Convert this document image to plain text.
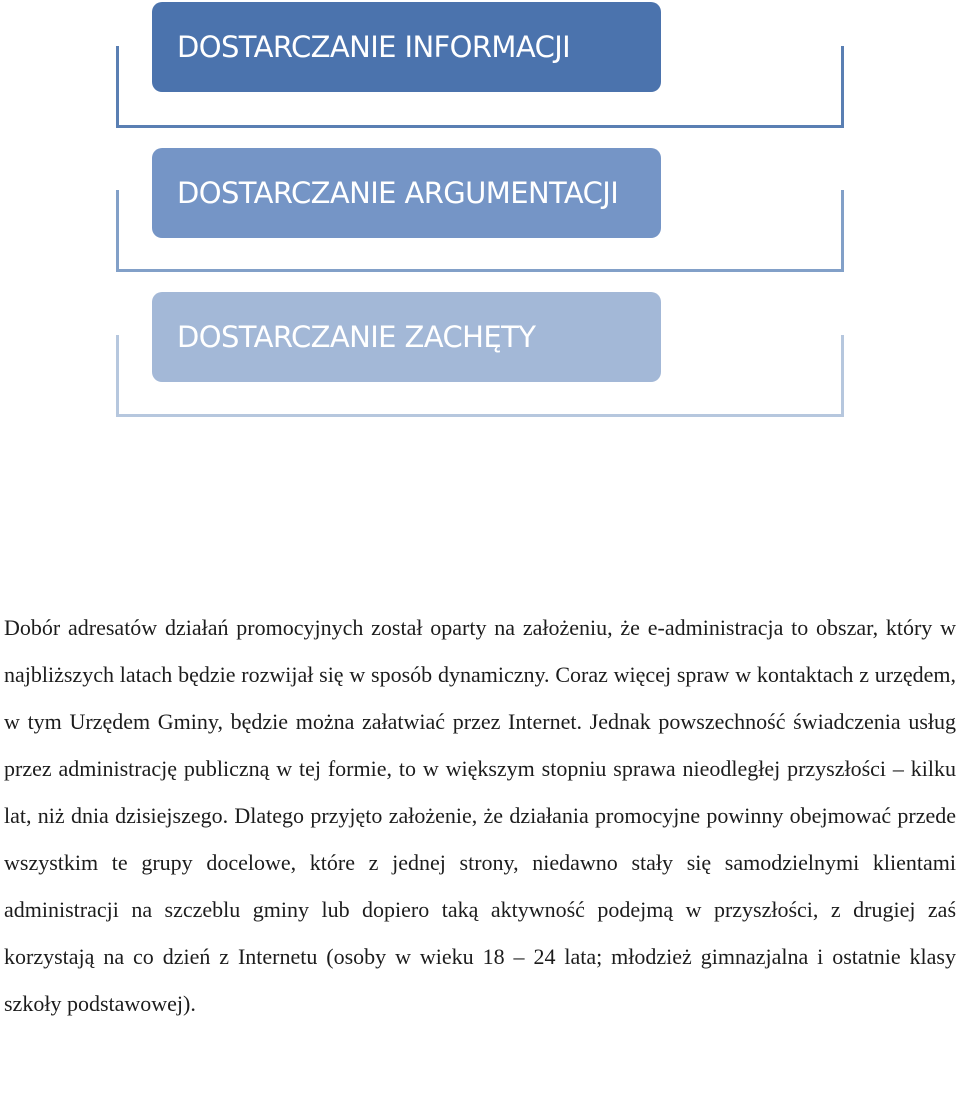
DOSTARCZANIE INFORMACJI
DOSTARCZANIE ARGUMENTACJI
DOSTARCZANIE ZACHĘTY

Dobór adresatów działań promocyjnych został oparty na założeniu, że e-administracja to obszar, który w najbliższych latach będzie rozwijał się w sposób dynamiczny. Coraz więcej spraw w kontaktach z urzędem, w tym Urzędem Gminy, będzie można załatwiać przez Internet. Jednak powszechność świadczenia usług przez administrację publiczną w tej formie, to w większym stopniu sprawa nieodległej przyszłości – kilku lat, niż dnia dzisiejszego. Dlatego przyjęto założenie, że działania promocyjne powinny obejmować przede wszystkim te grupy docelowe, które z jednej strony, niedawno stały się samodzielnymi klientami administracji na szczeblu gminy lub dopiero taką aktywność podejmą w przyszłości, z drugiej zaś korzystają na co dzień z Internetu (osoby w wieku 18 – 24 lata; młodzież gimnazjalna i ostatnie klasy szkoły podstawowej).
